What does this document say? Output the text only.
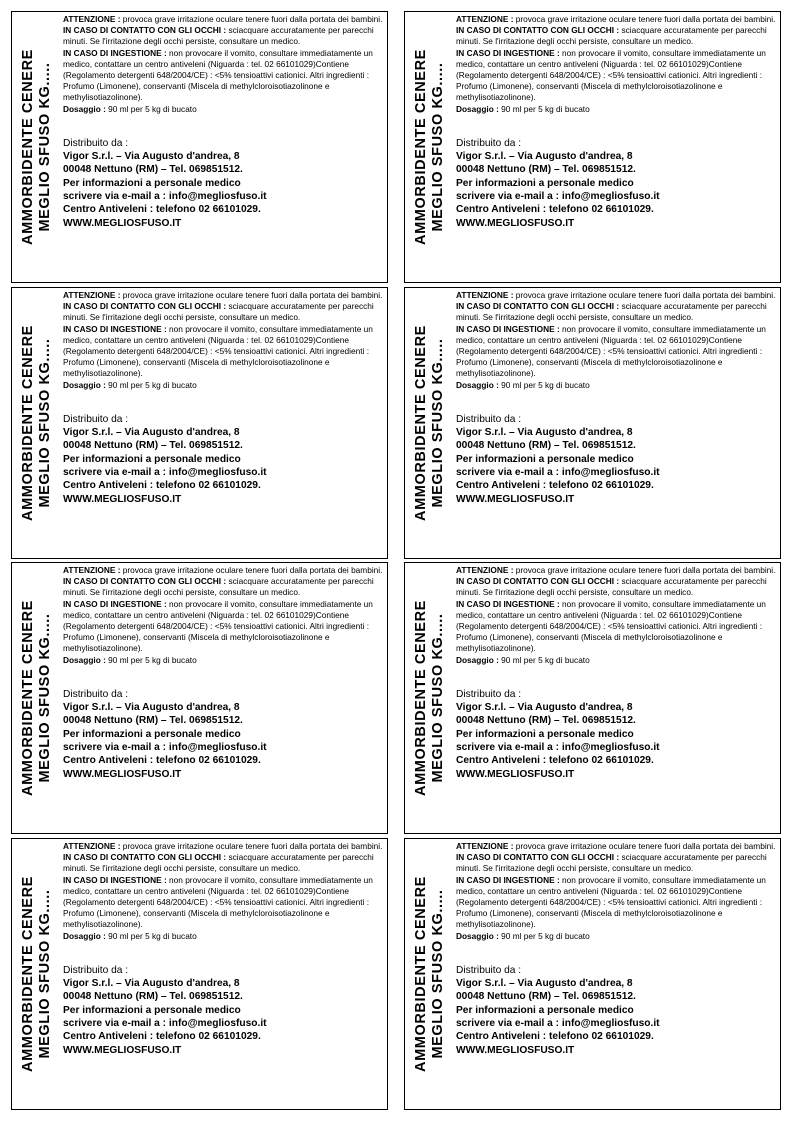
AMMORBIDENTE CENERE MEGLIO SFUSO KG.....

ATTENZIONE : provoca grave irritazione oculare tenere fuori dalla portata dei bambini.
IN CASO DI CONTATTO CON GLI OCCHI : sciacquare accuratamente per parecchi minuti. Se l'irritazione degli occhi persiste, consultare un medico.
IN CASO DI INGESTIONE : non provocare il vomito, consultare immediatamente un medico, contattare un centro antiveleni (Niguarda : tel. 02 66101029)Contiene (Regolamento detergenti 648/2004/CE) : <5% tensioattivi cationici. Altri ingredienti : Profumo (Limonene), conservanti (Miscela di methylcloroisotiazolinone e methylisotiazolinone).

Dosaggio : 90 ml per 5 kg di bucato

Distribuito da :
Vigor S.r.l. – Via Augusto d'andrea, 8
00048 Nettuno (RM) – Tel. 069851512.
Per informazioni a personale medico
scrivere via e-mail a : info@megliosfuso.it
Centro Antiveleni : telefono 02 66101029.
WWW.MEGLIOSFUSO.IT	AMMORBIDENTE CENERE MEGLIO SFUSO KG.....

ATTENZIONE : provoca grave irritazione oculare tenere fuori dalla portata dei bambini.
IN CASO DI CONTATTO CON GLI OCCHI : sciacquare accuratamente per parecchi minuti. Se l'irritazione degli occhi persiste, consultare un medico.
IN CASO DI INGESTIONE : non provocare il vomito, consultare immediatamente un medico, contattare un centro antiveleni (Niguarda : tel. 02 66101029)Contiene (Regolamento detergenti 648/2004/CE) : <5% tensioattivi cationici. Altri ingredienti : Profumo (Limonene), conservanti (Miscela di methylcloroisotiazolinone e methylisotiazolinone).

Dosaggio : 90 ml per 5 kg di bucato

Distribuito da :
Vigor S.r.l. – Via Augusto d'andrea, 8
00048 Nettuno (RM) – Tel. 069851512.
Per informazioni a personale medico
scrivere via e-mail a : info@megliosfuso.it
Centro Antiveleni : telefono 02 66101029.
WWW.MEGLIOSFUSO.IT
AMMORBIDENTE CENERE MEGLIO SFUSO KG.....

ATTENZIONE : provoca grave irritazione oculare tenere fuori dalla portata dei bambini.
IN CASO DI CONTATTO CON GLI OCCHI : sciacquare accuratamente per parecchi minuti. Se l'irritazione degli occhi persiste, consultare un medico.
IN CASO DI INGESTIONE : non provocare il vomito, consultare immediatamente un medico, contattare un centro antiveleni (Niguarda : tel. 02 66101029)Contiene (Regolamento detergenti 648/2004/CE) : <5% tensioattivi cationici. Altri ingredienti : Profumo (Limonene), conservanti (Miscela di methylcloroisotiazolinone e methylisotiazolinone).

Dosaggio : 90 ml per 5 kg di bucato

Distribuito da :
Vigor S.r.l. – Via Augusto d'andrea, 8
00048 Nettuno (RM) – Tel. 069851512.
Per informazioni a personale medico
scrivere via e-mail a : info@megliosfuso.it
Centro Antiveleni : telefono 02 66101029.
WWW.MEGLIOSFUSO.IT	AMMORBIDENTE CENERE MEGLIO SFUSO KG.....

ATTENZIONE : provoca grave irritazione oculare tenere fuori dalla portata dei bambini.
IN CASO DI CONTATTO CON GLI OCCHI : sciacquare accuratamente per parecchi minuti. Se l'irritazione degli occhi persiste, consultare un medico.
IN CASO DI INGESTIONE : non provocare il vomito, consultare immediatamente un medico, contattare un centro antiveleni (Niguarda : tel. 02 66101029)Contiene (Regolamento detergenti 648/2004/CE) : <5% tensioattivi cationici. Altri ingredienti : Profumo (Limonene), conservanti (Miscela di methylcloroisotiazolinone e methylisotiazolinone).

Dosaggio : 90 ml per 5 kg di bucato

Distribuito da :
Vigor S.r.l. – Via Augusto d'andrea, 8
00048 Nettuno (RM) – Tel. 069851512.
Per informazioni a personale medico
scrivere via e-mail a : info@megliosfuso.it
Centro Antiveleni : telefono 02 66101029.
WWW.MEGLIOSFUSO.IT
AMMORBIDENTE CENERE MEGLIO SFUSO KG.....

ATTENZIONE : provoca grave irritazione oculare tenere fuori dalla portata dei bambini.
IN CASO DI CONTATTO CON GLI OCCHI : sciacquare accuratamente per parecchi minuti. Se l'irritazione degli occhi persiste, consultare un medico.
IN CASO DI INGESTIONE : non provocare il vomito, consultare immediatamente un medico, contattare un centro antiveleni (Niguarda : tel. 02 66101029)Contiene (Regolamento detergenti 648/2004/CE) : <5% tensioattivi cationici. Altri ingredienti : Profumo (Limonene), conservanti (Miscela di methylcloroisotiazolinone e methylisotiazolinone).

Dosaggio : 90 ml per 5 kg di bucato

Distribuito da :
Vigor S.r.l. – Via Augusto d'andrea, 8
00048 Nettuno (RM) – Tel. 069851512.
Per informazioni a personale medico
scrivere via e-mail a : info@megliosfuso.it
Centro Antiveleni : telefono 02 66101029.
WWW.MEGLIOSFUSO.IT	AMMORBIDENTE CENERE MEGLIO SFUSO KG.....

ATTENZIONE : provoca grave irritazione oculare tenere fuori dalla portata dei bambini.
IN CASO DI CONTATTO CON GLI OCCHI : sciacquare accuratamente per parecchi minuti. Se l'irritazione degli occhi persiste, consultare un medico.
IN CASO DI INGESTIONE : non provocare il vomito, consultare immediatamente un medico, contattare un centro antiveleni (Niguarda : tel. 02 66101029)Contiene (Regolamento detergenti 648/2004/CE) : <5% tensioattivi cationici. Altri ingredienti : Profumo (Limonene), conservanti (Miscela di methylcloroisotiazolinone e methylisotiazolinone).

Dosaggio : 90 ml per 5 kg di bucato

Distribuito da :
Vigor S.r.l. – Via Augusto d'andrea, 8
00048 Nettuno (RM) – Tel. 069851512.
Per informazioni a personale medico
scrivere via e-mail a : info@megliosfuso.it
Centro Antiveleni : telefono 02 66101029.
WWW.MEGLIOSFUSO.IT
AMMORBIDENTE CENERE MEGLIO SFUSO KG.....

ATTENZIONE : provoca grave irritazione oculare tenere fuori dalla portata dei bambini.
IN CASO DI CONTATTO CON GLI OCCHI : sciacquare accuratamente per parecchi minuti. Se l'irritazione degli occhi persiste, consultare un medico.
IN CASO DI INGESTIONE : non provocare il vomito, consultare immediatamente un medico, contattare un centro antiveleni (Niguarda : tel. 02 66101029)Contiene (Regolamento detergenti 648/2004/CE) : <5% tensioattivi cationici. Altri ingredienti : Profumo (Limonene), conservanti (Miscela di methylcloroisotiazolinone e methylisotiazolinone).

Dosaggio : 90 ml per 5 kg di bucato

Distribuito da :
Vigor S.r.l. – Via Augusto d'andrea, 8
00048 Nettuno (RM) – Tel. 069851512.
Per informazioni a personale medico
scrivere via e-mail a : info@megliosfuso.it
Centro Antiveleni : telefono 02 66101029.
WWW.MEGLIOSFUSO.IT	AMMORBIDENTE CENERE MEGLIO SFUSO KG.....

ATTENZIONE : provoca grave irritazione oculare tenere fuori dalla portata dei bambini.
IN CASO DI CONTATTO CON GLI OCCHI : sciacquare accuratamente per parecchi minuti. Se l'irritazione degli occhi persiste, consultare un medico.
IN CASO DI INGESTIONE : non provocare il vomito, consultare immediatamente un medico, contattare un centro antiveleni (Niguarda : tel. 02 66101029)Contiene (Regolamento detergenti 648/2004/CE) : <5% tensioattivi cationici. Altri ingredienti : Profumo (Limonene), conservanti (Miscela di methylcloroisotiazolinone e methylisotiazolinone).

Dosaggio : 90 ml per 5 kg di bucato

Distribuito da :
Vigor S.r.l. – Via Augusto d'andrea, 8
00048 Nettuno (RM) – Tel. 069851512.
Per informazioni a personale medico
scrivere via e-mail a : info@megliosfuso.it
Centro Antiveleni : telefono 02 66101029.
WWW.MEGLIOSFUSO.IT
